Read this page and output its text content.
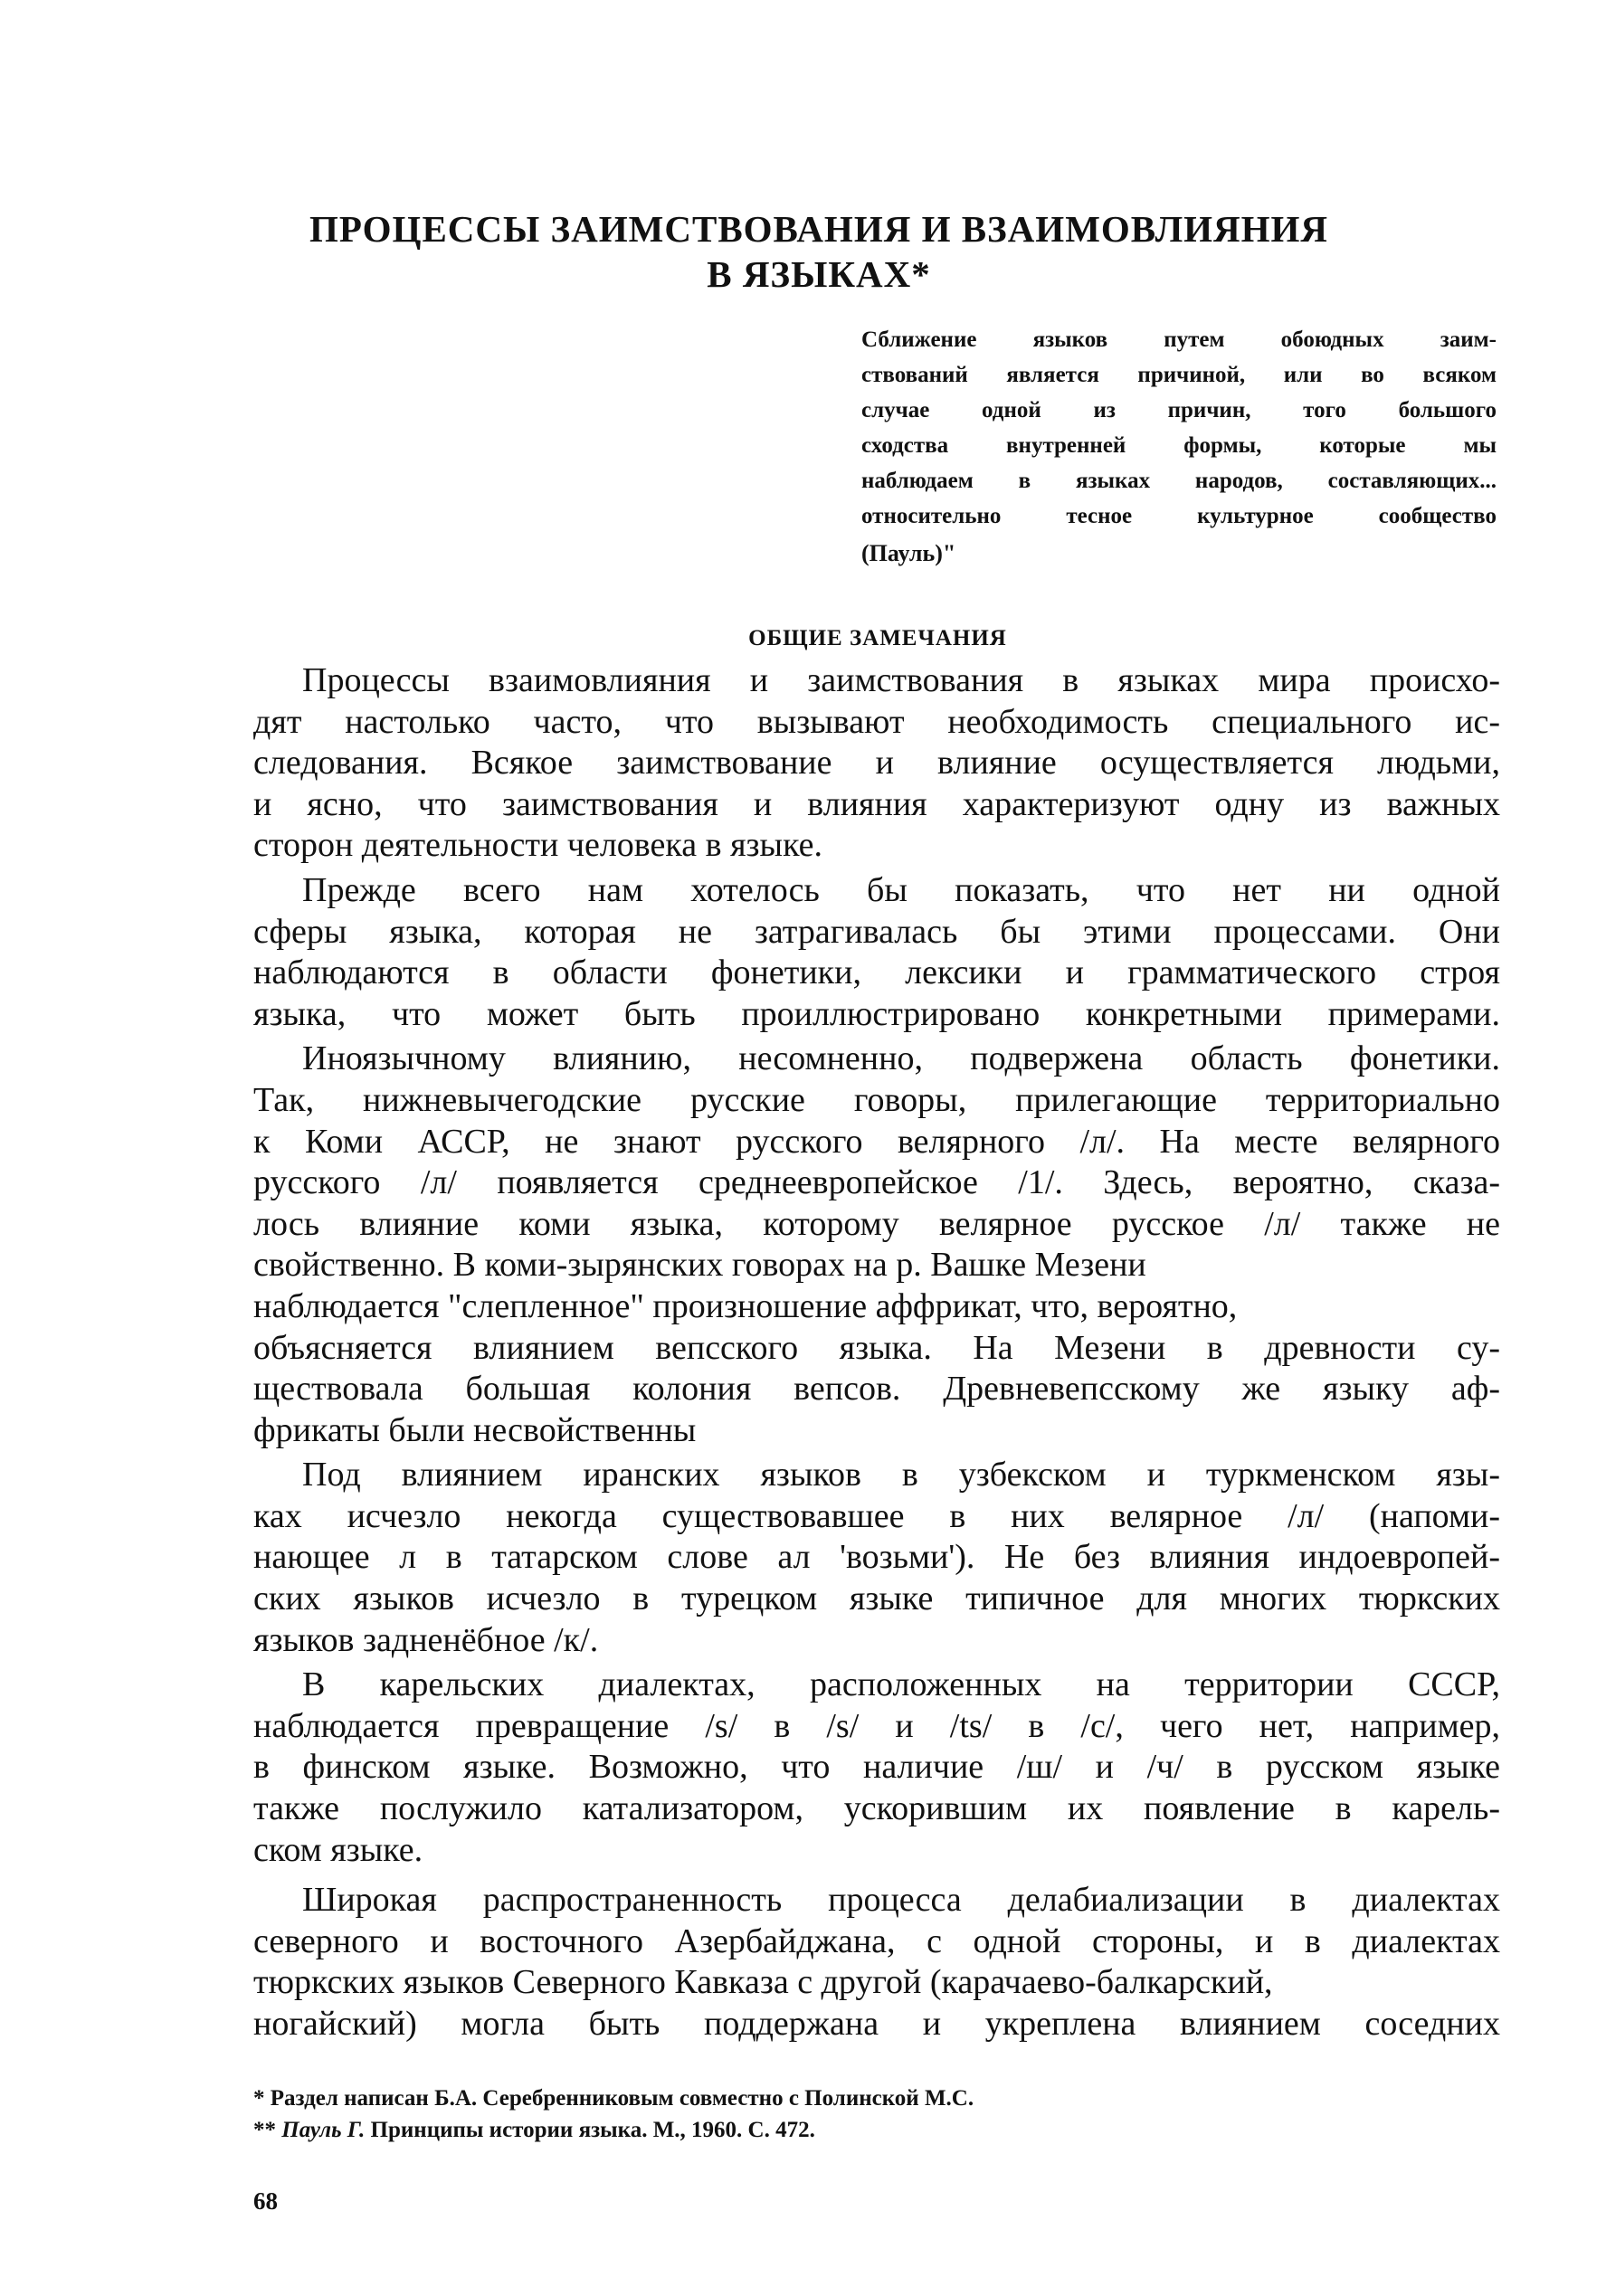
ПРОЦЕССЫ ЗАИМСТВОВАНИЯ И ВЗАИМОВЛИЯНИЯ
В ЯЗЫКАХ*
Сближение языков путем обоюдных заим-
ствований является причиной, или во всяком
случае одной из причин, того большого
сходства внутренней формы, которые мы
наблюдаем в языках народов, составляющих...
относительно тесное культурное сообщество
(Пауль)"
ОБЩИЕ ЗАМЕЧАНИЯ
Процессы взаимовлияния и заимствования в языках мира происхо-
дят настолько часто, что вызывают необходимость специального ис-
следования. Всякое заимствование и влияние осуществляется людьми,
и ясно, что заимствования и влияния характеризуют одну из важных
сторон деятельности человека в языке.
Прежде всего нам хотелось бы показать, что нет ни одной
сферы языка, которая не затрагивалась бы этими процессами. Они
наблюдаются в области фонетики, лексики и грамматического строя
языка, что может быть проиллюстрировано конкретными примерами.
Иноязычному влиянию, несомненно, подвержена область фонетики.
Так, нижневычегодские русские говоры, прилегающие территориально
к Коми АССР, не знают русского велярного /л/. На месте велярного
русского /л/ появляется среднеевропейское /1/. Здесь, вероятно, сказа-
лось влияние коми языка, которому велярное русское /л/ также не
свойственно. В коми-зырянских говорах на р. Вашке Мезени
наблюдается "слепленное" произношение аффрикат, что, вероятно,
объясняется влиянием вепсского языка. На Мезени в древности су-
ществовала большая колония вепсов. Древневепсскому же языку аф-
фрикаты были несвойственны
Под влиянием иранских языков в узбекском и туркменском язы-
ках исчезло некогда существовавшее в них велярное /л/ (напоми-
нающее л в татарском слове ал 'возьми'). Не без влияния индоевропей-
ских языков исчезло в турецком языке типичное для многих тюркских
языков задненёбное /к/.
В карельских диалектах, расположенных на территории СССР,
наблюдается превращение /s/ в /s/ и /ts/ в /c/, чего нет, например,
в финском языке. Возможно, что наличие /ш/ и /ч/ в русском языке
также послужило катализатором, ускорившим их появление в карель-
ском языке.
Широкая распространенность процесса делабиализации в диалектах
северного и восточного Азербайджана, с одной стороны, и в диалектах
тюркских языков Северного Кавказа с другой (карачаево-балкарский,
ногайский) могла быть поддержана и укреплена влиянием соседних
* Раздел написан Б.А. Серебренниковым совместно с Полинской М.С.
** Пауль Г. Принципы истории языка. М., 1960. С. 472.
68
